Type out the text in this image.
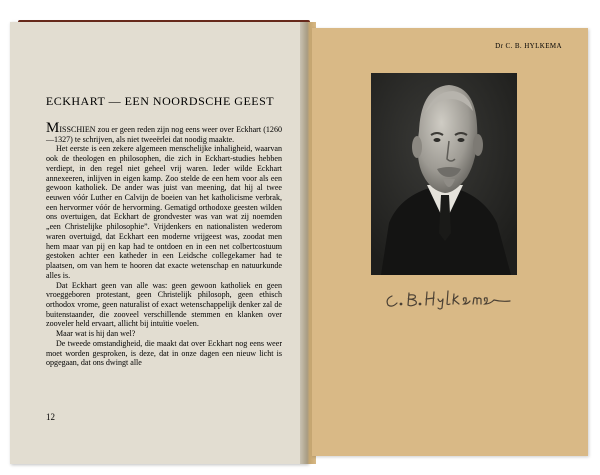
Dr C. B. HYLKEMA
ECKHART — EEN NOORDSCHE GEEST

MISSCHIEN zou er geen reden zijn nog eens weer over Eckhart (1260—1327) te schrijven, als niet tweeërlei dat noodig maakte.

Het eerste is een zekere algemeen menschelijke inhaligheid, waarvan ook de theologen en philosophen, die zich in Eckhart-studies hebben verdiept, in den regel niet geheel vrij waren. Ieder wilde Eckhart annexeeren, inlijven in eigen kamp. Zoo stelde de een hem voor als een gewoon katholiek. De ander was juist van meening, dat hij al twee eeuwen vóór Luther en Calvijn de boeien van het katholicisme verbrak, een hervormer vóór de hervorming. Gematigd orthodoxe geesten wilden ons overtuigen, dat Eckhart de grondvester was van wat zij noemden „een Christelijke philosophie”. Vrijdenkers en nationalisten wederom waren overtuigd, dat Eckhart een moderne vrijgeest was, zoodat men hem maar van pij en kap had te ontdoen en in een net colbertcostuum gestoken achter een katheder in een Leidsche collegekamer had te plaatsen, om van hem te hooren dat exacte wetenschap en natuurkunde alles is.

Dat Eckhart geen van alle was: geen gewoon katholiek en geen vroeggeboren protestant, geen Christelijk philosoph, geen ethisch orthodox vrome, geen naturalist of exact wetenschappelijk denker zal de buitenstaander, die zooveel verschillende stemmen en klanken over zooveler held ervaart, allicht bij intuïtie voelen.

Maar wat is hij dan wel?

De tweede omstandigheid, die maakt dat over Eckhart nog eens weer moet worden gesproken, is deze, dat in onze dagen een nieuw licht is opgegaan, dat ons dwingt alle

12
